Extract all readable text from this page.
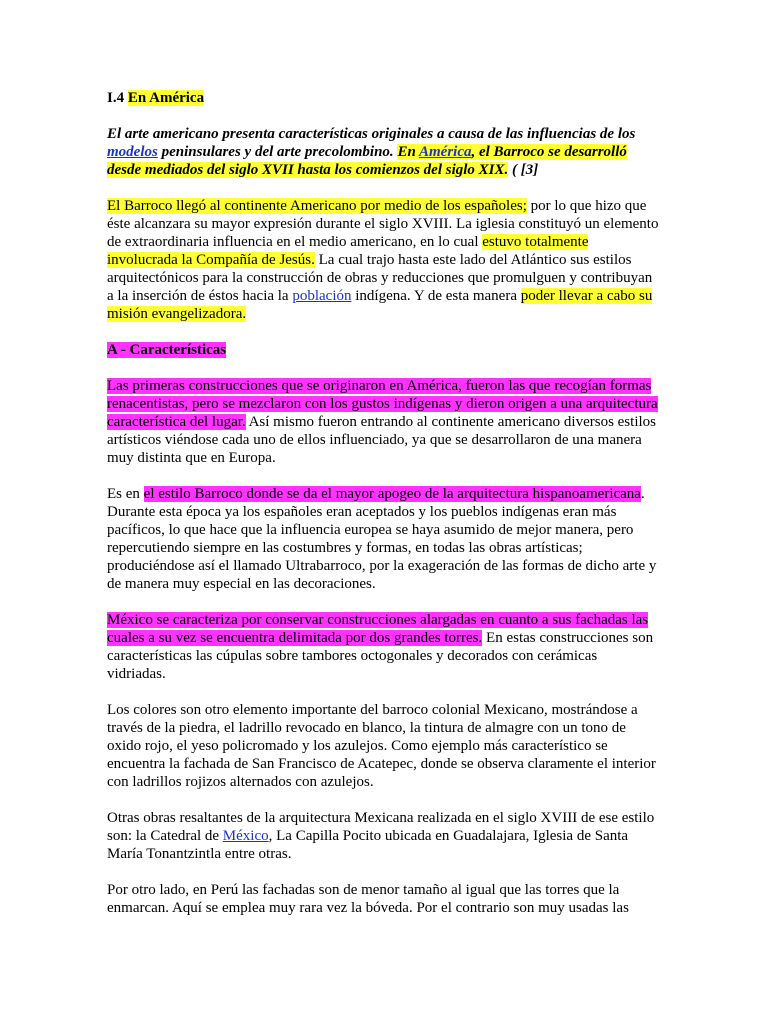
I.4 En América

El arte americano presenta características originales a causa de las influencias de los
modelos peninsulares y del arte precolombino. En América, el Barroco se desarrolló
desde mediados del siglo XVII hasta los comienzos del siglo XIX. ( [3]

El Barroco llegó al continente Americano por medio de los españoles; por lo que hizo que
éste alcanzara su mayor expresión durante el siglo XVIII. La iglesia constituyó un elemento
de extraordinaria influencia en el medio americano, en lo cual estuvo totalmente
involucrada la Compañía de Jesús. La cual trajo hasta este lado del Atlántico sus estilos
arquitectónicos para la construcción de obras y reducciones que promulguen y contribuyan
a la inserción de éstos hacia la población indígena. Y de esta manera poder llevar a cabo su
misión evangelizadora.

A - Características

Las primeras construcciones que se originaron en América, fueron las que recogían formas
renacentistas, pero se mezclaron con los gustos indígenas y dieron origen a una arquitectura
característica del lugar. Así mismo fueron entrando al continente americano diversos estilos
artísticos viéndose cada uno de ellos influenciado, ya que se desarrollaron de una manera
muy distinta que en Europa.

Es en el estilo Barroco donde se da el mayor apogeo de la arquitectura hispanoamericana.
Durante esta época ya los españoles eran aceptados y los pueblos indígenas eran más
pacíficos, lo que hace que la influencia europea se haya asumido de mejor manera, pero
repercutiendo siempre en las costumbres y formas, en todas las obras artísticas;
produciéndose así el llamado Ultrabarroco, por la exageración de las formas de dicho arte y
de manera muy especial en las decoraciones.

México se caracteriza por conservar construcciones alargadas en cuanto a sus fachadas las
cuales a su vez se encuentra delimitada por dos grandes torres. En estas construcciones son
características las cúpulas sobre tambores octogonales y decorados con cerámicas
vidriadas.

Los colores son otro elemento importante del barroco colonial Mexicano, mostrándose a
través de la piedra, el ladrillo revocado en blanco, la tintura de almagre con un tono de
oxido rojo, el yeso policromado y los azulejos. Como ejemplo más característico se
encuentra la fachada de San Francisco de Acatepec, donde se observa claramente el interior
con ladrillos rojizos alternados con azulejos.

Otras obras resaltantes de la arquitectura Mexicana realizada en el siglo XVIII de ese estilo
son: la Catedral de México, La Capilla Pocito ubicada en Guadalajara, Iglesia de Santa
María Tonantzintla entre otras.

Por otro lado, en Perú las fachadas son de menor tamaño al igual que las torres que la
enmarcan. Aquí se emplea muy rara vez la bóveda. Por el contrario son muy usadas las
